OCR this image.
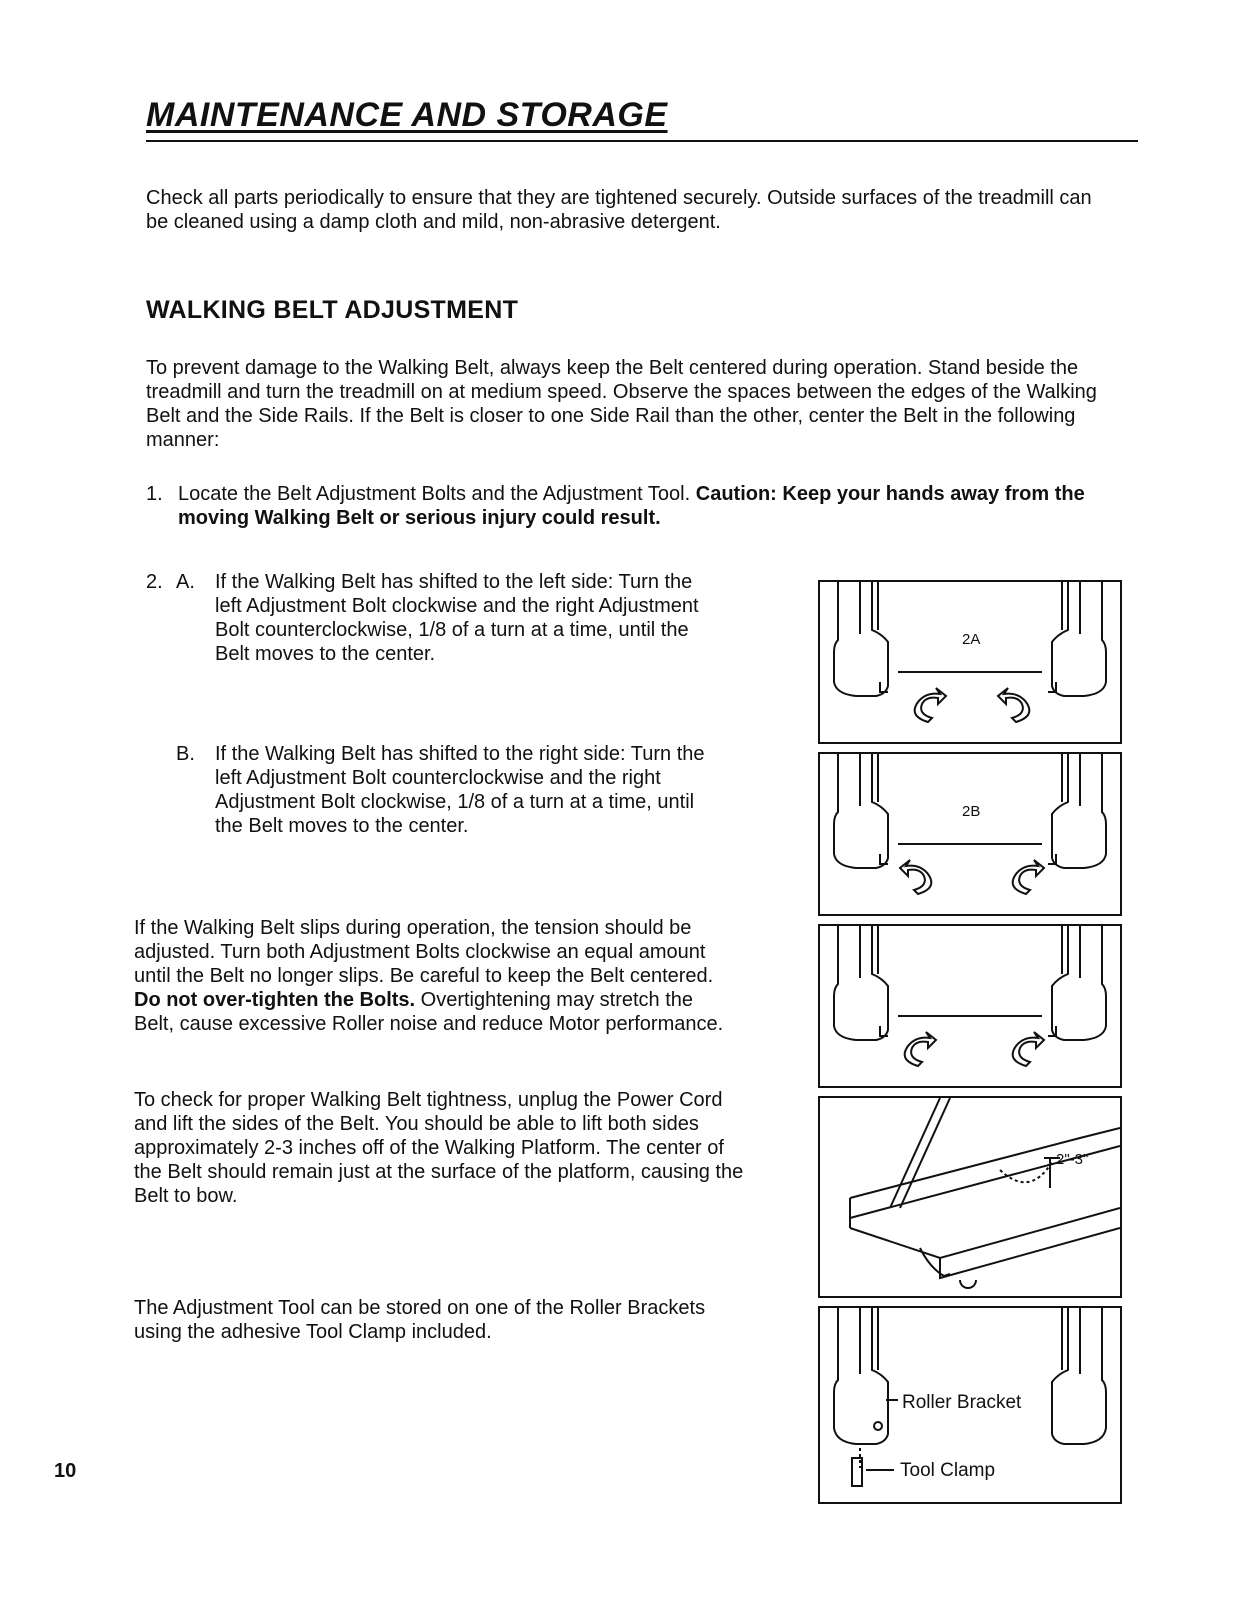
MAINTENANCE AND STORAGE
Check all parts periodically to ensure that they are tightened securely. Outside surfaces of the treadmill can be cleaned using a damp cloth and mild, non-abrasive detergent.
WALKING BELT ADJUSTMENT
To prevent damage to the Walking Belt, always keep the Belt centered during operation. Stand beside the treadmill and turn the treadmill on at medium speed. Observe the spaces between the edges of the Walking Belt and the Side Rails. If the Belt is closer to one Side Rail than the other, center the Belt in the following manner:
1. Locate the Belt Adjustment Bolts and the Adjustment Tool. Caution: Keep your hands away from the moving Walking Belt or serious injury could result.
2. A. If the Walking Belt has shifted to the left side: Turn the left Adjustment Bolt clockwise and the right Adjustment Bolt counterclockwise, 1/8 of a turn at a time, until the Belt moves to the center.
B. If the Walking Belt has shifted to the right side: Turn the left Adjustment Bolt counterclockwise and the right Adjustment Bolt clockwise, 1/8 of a turn at a time, until the Belt moves to the center.
If the Walking Belt slips during operation, the tension should be adjusted. Turn both Adjustment Bolts clockwise an equal amount until the Belt no longer slips. Be careful to keep the Belt centered. Do not over-tighten the Bolts. Overtightening may stretch the Belt, cause excessive Roller noise and reduce Motor performance.
To check for proper Walking Belt tightness, unplug the Power Cord and lift the sides of the Belt. You should be able to lift both sides approximately 2-3 inches off of the Walking Platform. The center of the Belt should remain just at the surface of the platform, causing the Belt to bow.
The Adjustment Tool can be stored on one of the Roller Brackets using the adhesive Tool Clamp included.
10
2A
2B
2"-3"
Roller Bracket
Tool Clamp
